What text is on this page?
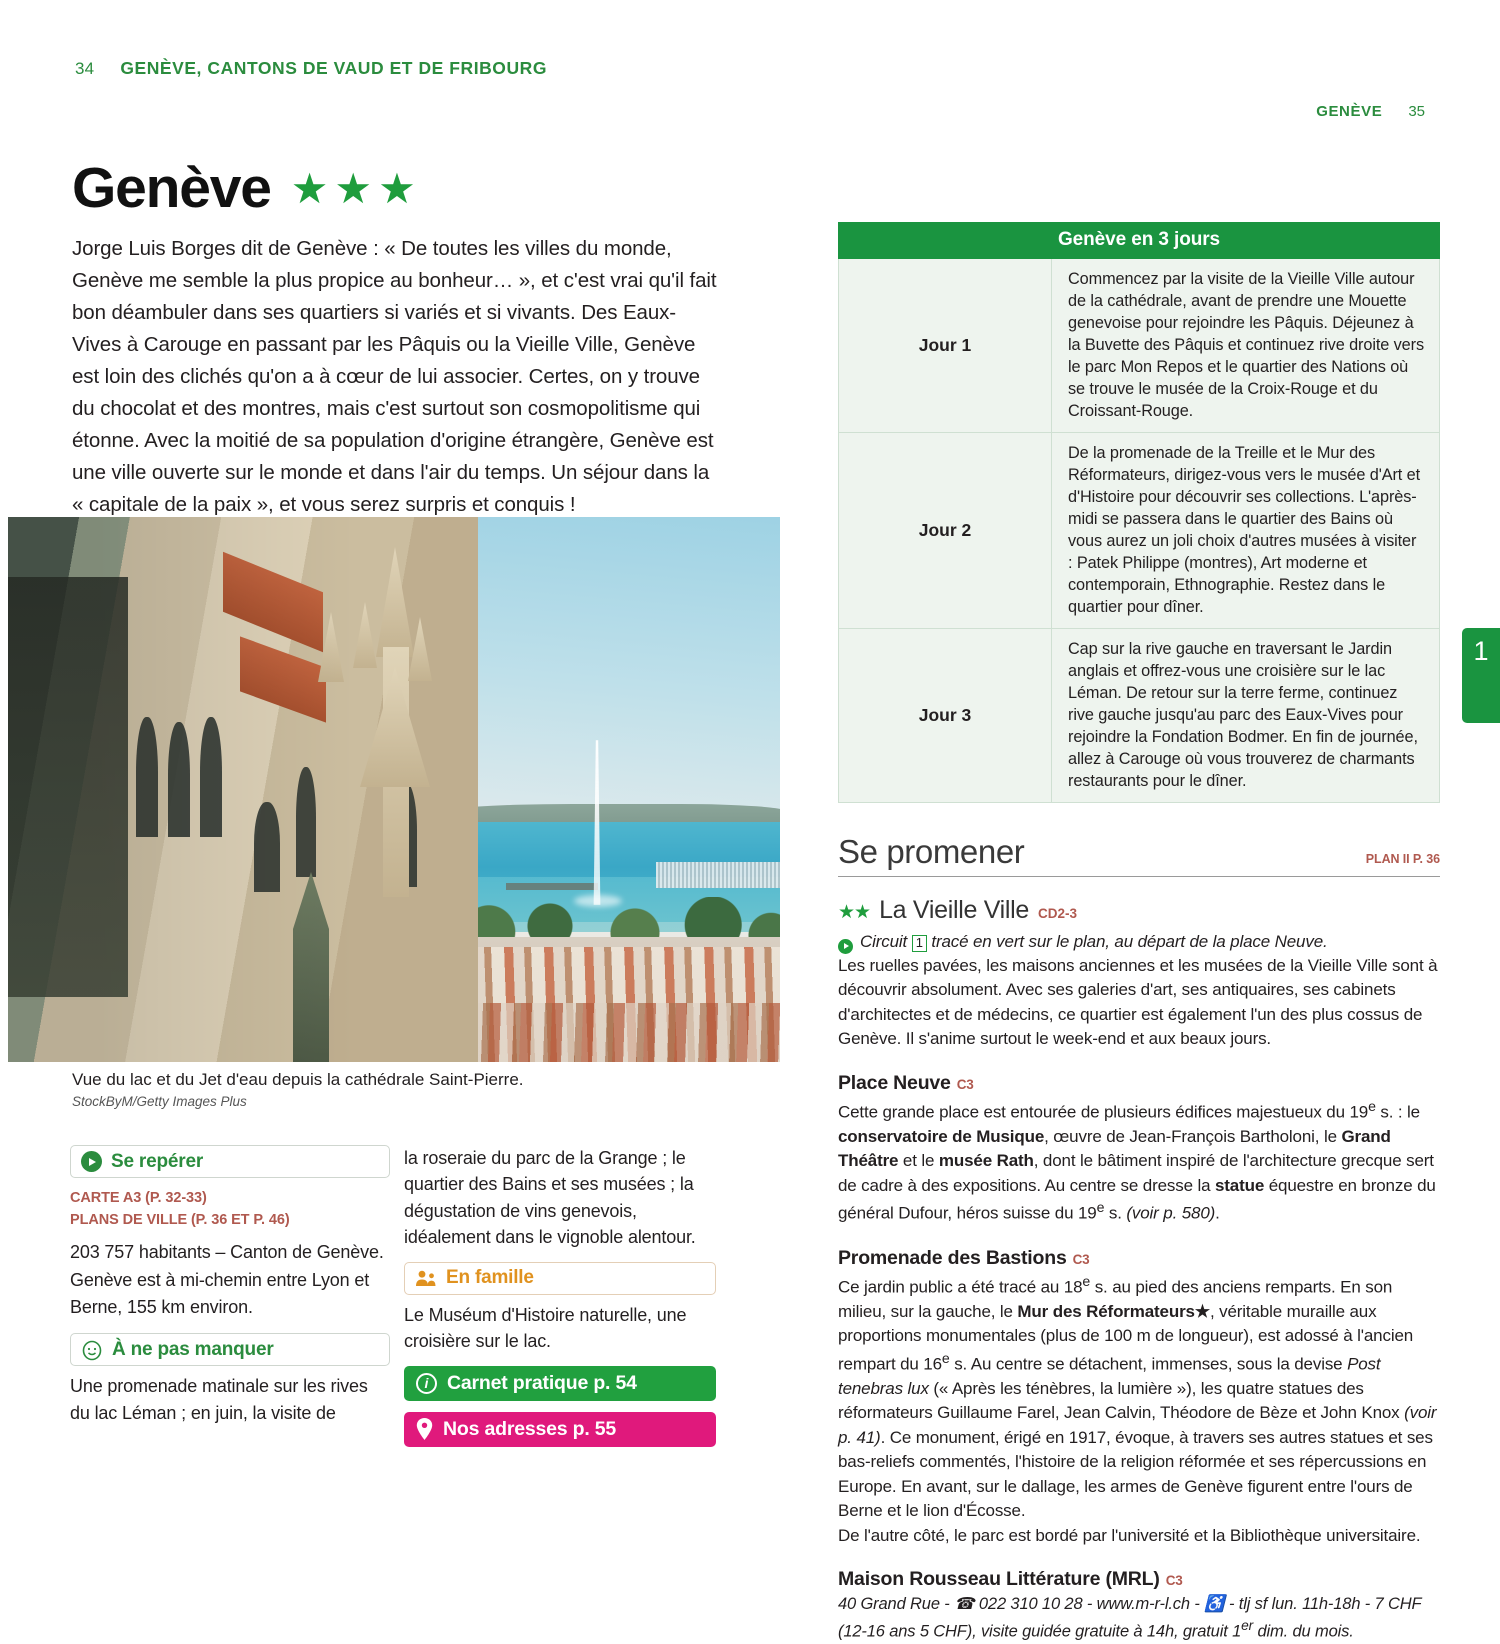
34 GENÈVE, CANTONS DE VAUD ET DE FRIBOURG
GENÈVE 35
Genève ★ ★ ★
Jorge Luis Borges dit de Genève : « De toutes les villes du monde, Genève me semble la plus propice au bonheur… », et c'est vrai qu'il fait bon déambuler dans ses quartiers si variés et si vivants. Des Eaux-Vives à Carouge en passant par les Pâquis ou la Vieille Ville, Genève est loin des clichés qu'on a à cœur de lui associer. Certes, on y trouve du chocolat et des montres, mais c'est surtout son cosmopolitisme qui étonne. Avec la moitié de sa population d'origine étrangère, Genève est une ville ouverte sur le monde et dans l'air du temps. Un séjour dans la « capitale de la paix », et vous serez surpris et conquis !
Vue du lac et du Jet d'eau depuis la cathédrale Saint-Pierre.
StockByM/Getty Images Plus
Se repérer
CARTE A3 (P. 32-33)
PLANS DE VILLE (P. 36 ET P. 46)
203 757 habitants – Canton de Genève.
Genève est à mi-chemin entre Lyon et Berne, 155 km environ.
À ne pas manquer
Une promenade matinale sur les rives du lac Léman ; en juin, la visite de
la roseraie du parc de la Grange ; le quartier des Bains et ses musées ; la dégustation de vins genevois, idéalement dans le vignoble alentour.
En famille
Le Muséum d'Histoire naturelle, une croisière sur le lac.
i Carnet pratique p. 54
Nos adresses p. 55
Genève en 3 jours
Jour 1
Commencez par la visite de la Vieille Ville autour de la cathédrale, avant de prendre une Mouette genevoise pour rejoindre les Pâquis. Déjeunez à la Buvette des Pâquis et continuez rive droite vers le parc Mon Repos et le quartier des Nations où se trouve le musée de la Croix-Rouge et du Croissant-Rouge.
Jour 2
De la promenade de la Treille et le Mur des Réformateurs, dirigez-vous vers le musée d'Art et d'Histoire pour découvrir ses collections. L'après-midi se passera dans le quartier des Bains où vous aurez un joli choix d'autres musées à visiter : Patek Philippe (montres), Art moderne et contemporain, Ethnographie. Restez dans le quartier pour dîner.
Jour 3
Cap sur la rive gauche en traversant le Jardin anglais et offrez-vous une croisière sur le lac Léman. De retour sur la terre ferme, continuez rive gauche jusqu'au parc des Eaux-Vives pour rejoindre la Fondation Bodmer. En fin de journée, allez à Carouge où vous trouverez de charmants restaurants pour le dîner.
Se promener	PLAN II P. 36
★★ La Vieille Ville CD2-3
Circuit 1 tracé en vert sur le plan, au départ de la place Neuve.
Les ruelles pavées, les maisons anciennes et les musées de la Vieille Ville sont à découvrir absolument. Avec ses galeries d'art, ses antiquaires, ses cabinets d'architectes et de médecins, ce quartier est également l'un des plus cossus de Genève. Il s'anime surtout le week-end et aux beaux jours.
Place Neuve C3
Cette grande place est entourée de plusieurs édifices majestueux du 19e s. : le conservatoire de Musique, œuvre de Jean-François Bartholoni, le Grand Théâtre et le musée Rath, dont le bâtiment inspiré de l'architecture grecque sert de cadre à des expositions. Au centre se dresse la statue équestre en bronze du général Dufour, héros suisse du 19e s. (voir p. 580).
Promenade des Bastions C3
Ce jardin public a été tracé au 18e s. au pied des anciens remparts. En son milieu, sur la gauche, le Mur des Réformateurs★, véritable muraille aux proportions monumentales (plus de 100 m de longueur), est adossé à l'ancien rempart du 16e s. Au centre se détachent, immenses, sous la devise Post tenebras lux (« Après les ténèbres, la lumière »), les quatre statues des réformateurs Guillaume Farel, Jean Calvin, Théodore de Bèze et John Knox (voir p. 41). Ce monument, érigé en 1917, évoque, à travers ses autres statues et ses bas-reliefs commentés, l'histoire de la religion réformée et ses répercussions en Europe. En avant, sur le dallage, les armes de Genève figurent entre l'ours de Berne et le lion d'Écosse.
De l'autre côté, le parc est bordé par l'université et la Bibliothèque universitaire.
Maison Rousseau Littérature (MRL) C3
40 Grand Rue - ☎ 022 310 10 28 - www.m-r-l.ch - ♿ - tlj sf lun. 11h-18h - 7 CHF (12-16 ans 5 CHF), visite guidée gratuite à 14h, gratuit 1er dim. du mois.
1
